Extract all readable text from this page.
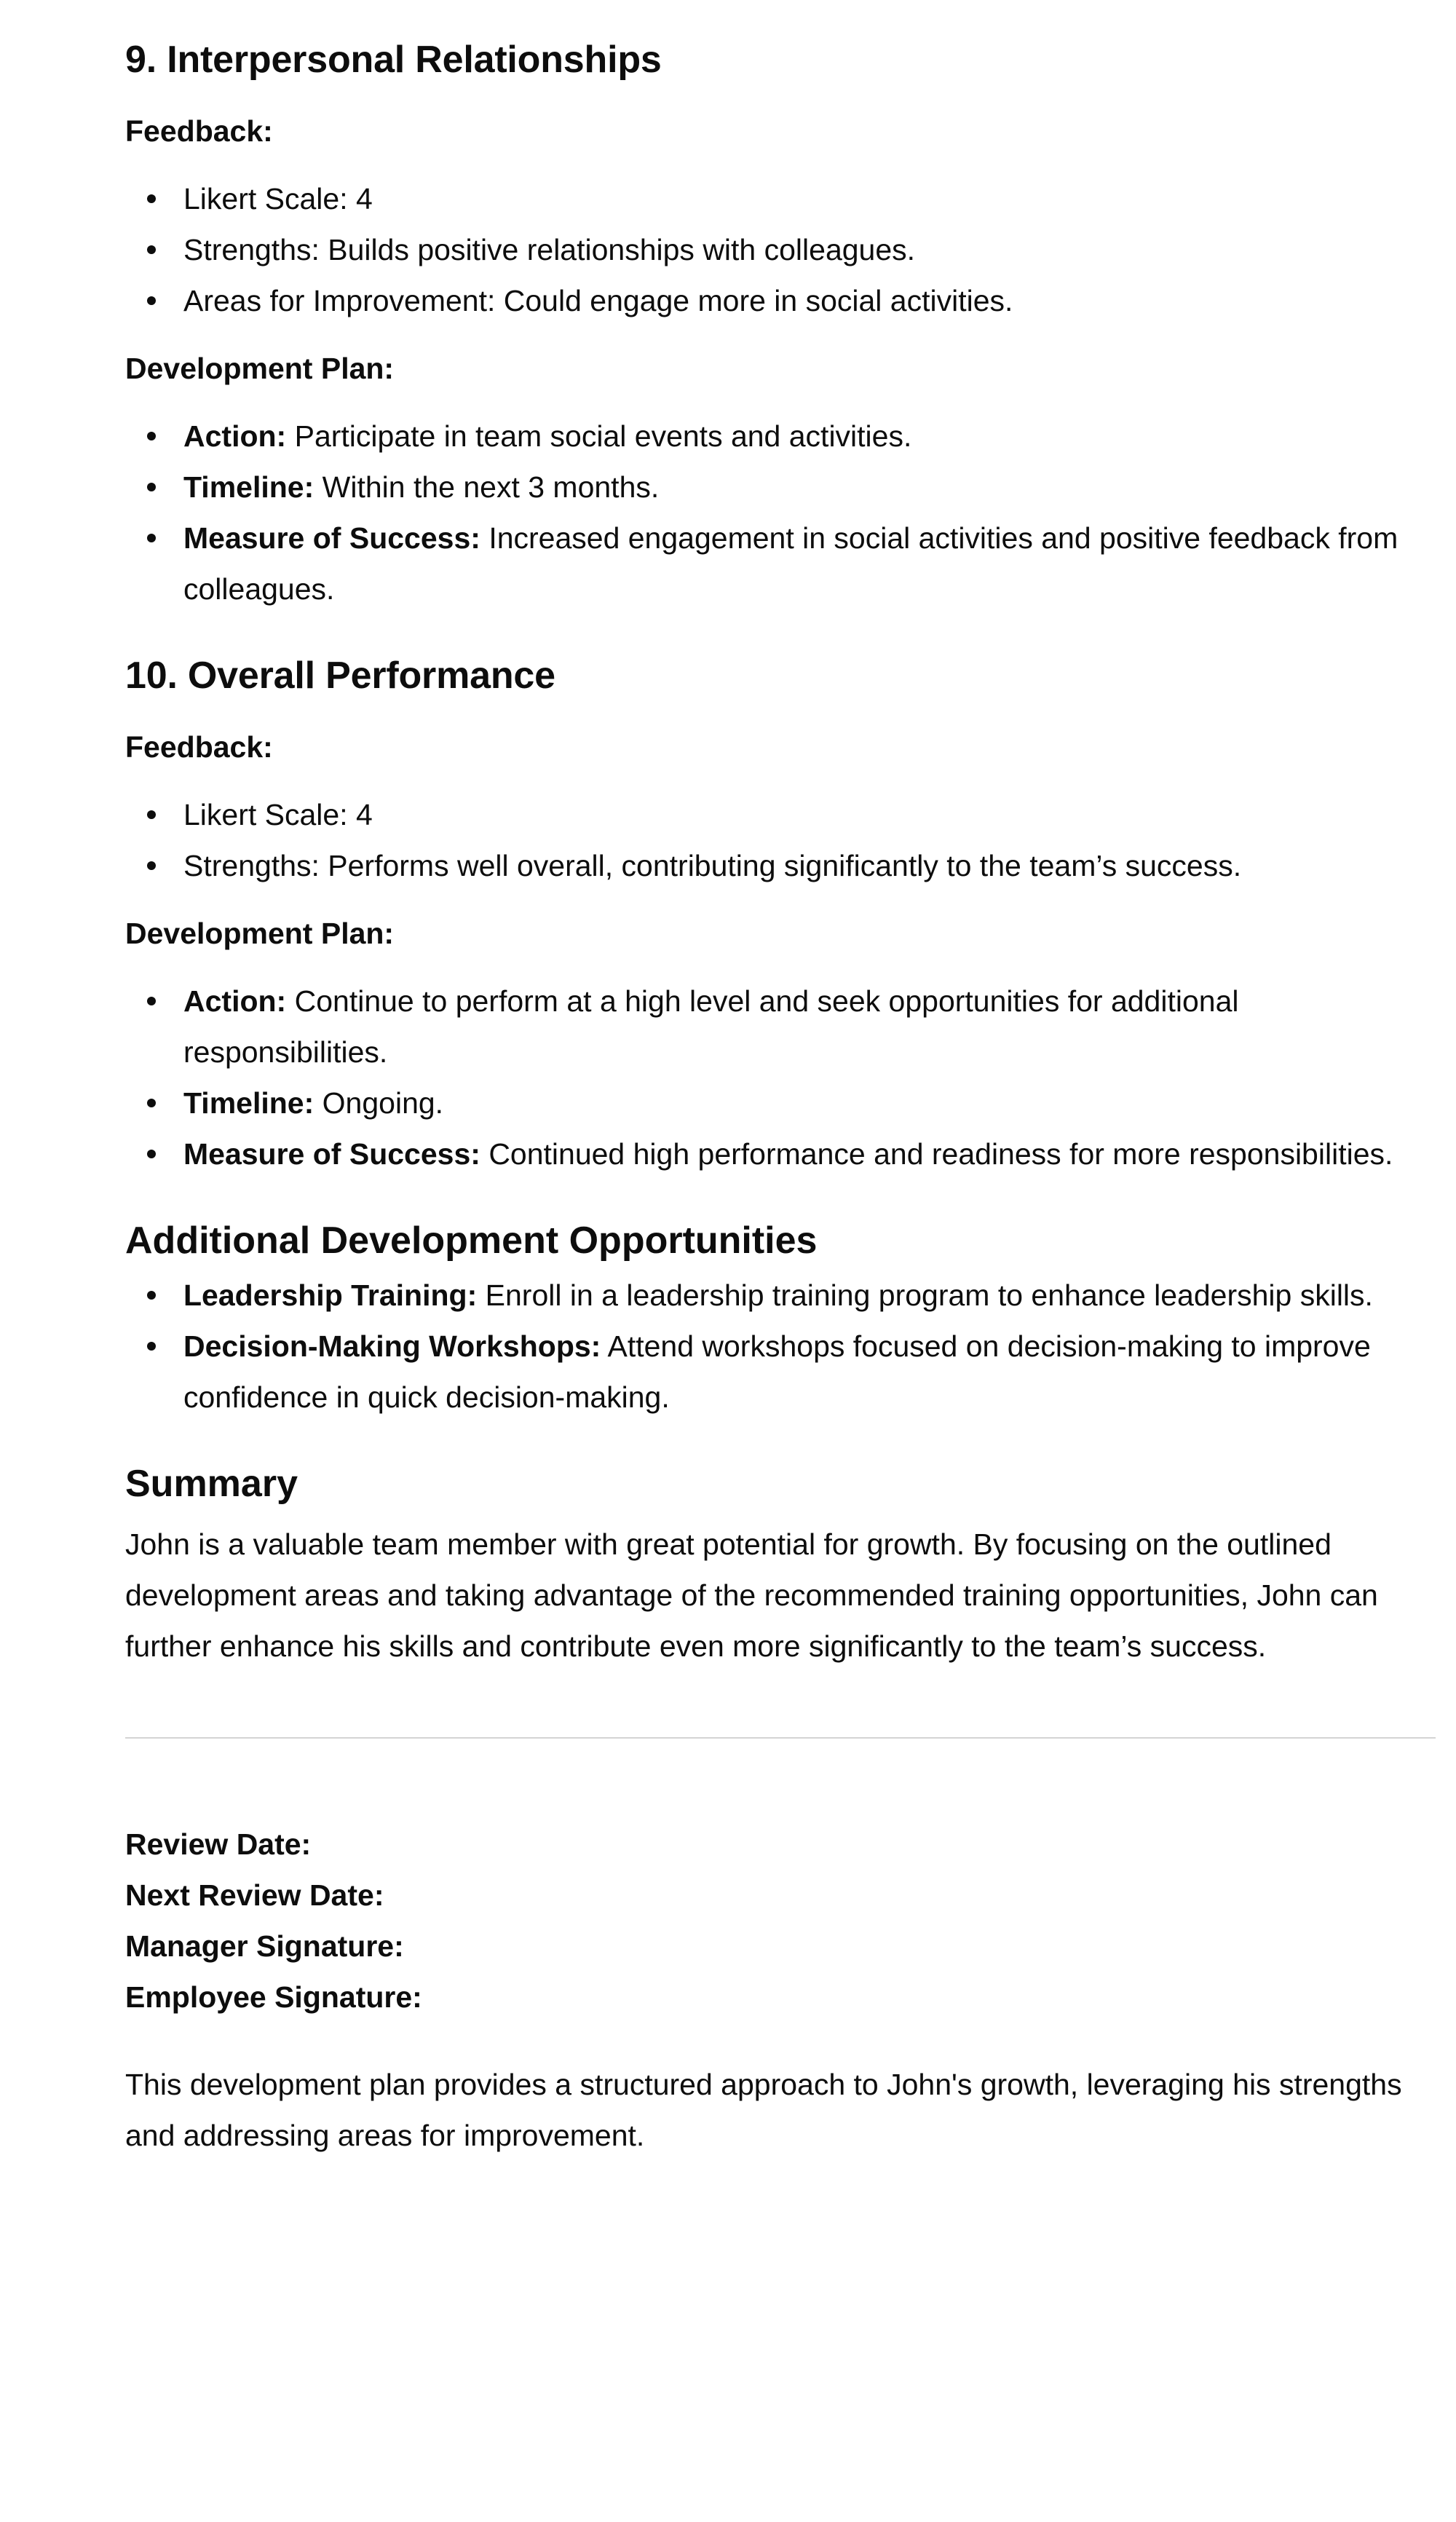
9. Interpersonal Relationships

Feedback:

Likert Scale: 4
Strengths: Builds positive relationships with colleagues.
Areas for Improvement: Could engage more in social activities.

Development Plan:

Action: Participate in team social events and activities.
Timeline: Within the next 3 months.
Measure of Success: Increased engagement in social activities and positive feedback from colleagues.
10. Overall Performance

Feedback:

Likert Scale: 4
Strengths: Performs well overall, contributing significantly to the team’s success.

Development Plan:

Action: Continue to perform at a high level and seek opportunities for additional responsibilities.
Timeline: Ongoing.
Measure of Success: Continued high performance and readiness for more responsibilities.
Additional Development Opportunities
Leadership Training: Enroll in a leadership training program to enhance leadership skills.
Decision-Making Workshops: Attend workshops focused on decision-making to improve confidence in quick decision-making.
Summary

John is a valuable team member with great potential for growth. By focusing on the outlined development areas and taking advantage of the recommended training opportunities, John can further enhance his skills and contribute even more significantly to the team’s success.

Review Date:

Next Review Date:

Manager Signature:

Employee Signature:

This development plan provides a structured approach to John's growth, leveraging his strengths and addressing areas for improvement.
